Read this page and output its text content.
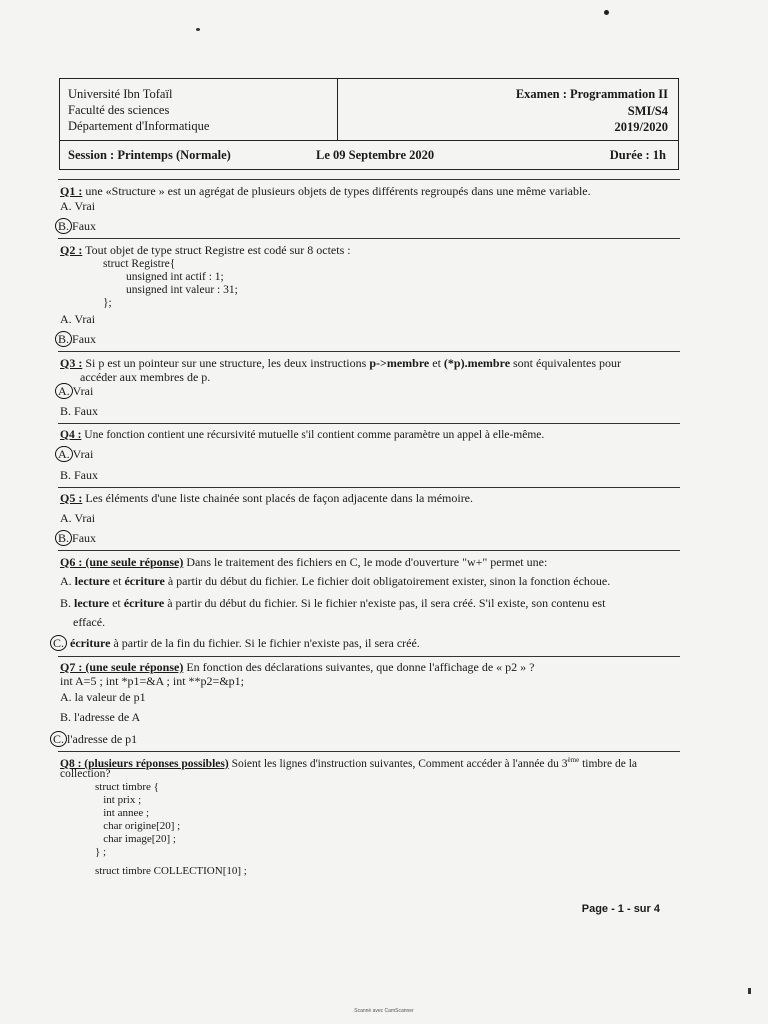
Université Ibn Tofaïl
Faculté des sciences
Département d'Informatique
Examen : Programmation II
SMI/S4
2019/2020
Session : Printemps (Normale)	Le 09 Septembre 2020	Durée : 1h
Q1 : une «Structure » est un agrégat de plusieurs objets de types différents regroupés dans une même variable.
A. Vrai
B. Faux
Q2 : Tout objet de type struct Registre est codé sur 8 octets :
struct Registre{
unsigned int actif : 1;
unsigned int valeur : 31;
};
A. Vrai
B. Faux
Q3 : Si p est un pointeur sur une structure, les deux instructions p->membre et (*p).membre sont équivalentes pour
accéder aux membres de p.
A. Vrai
B. Faux
Q4 : Une fonction contient une récursivité mutuelle s'il contient comme paramètre un appel à elle-même.
A. Vrai
B. Faux
Q5 : Les éléments d'une liste chainée sont placés de façon adjacente dans la mémoire.
A. Vrai
B. Faux
Q6 : (une seule réponse) Dans le traitement des fichiers en C, le mode d'ouverture "w+" permet une:
A. lecture et écriture à partir du début du fichier. Le fichier doit obligatoirement exister, sinon la fonction échoue.
B. lecture et écriture à partir du début du fichier. Si le fichier n'existe pas, il sera créé. S'il existe, son contenu est
effacé.
C. écriture à partir de la fin du fichier. Si le fichier n'existe pas, il sera créé.
Q7 : (une seule réponse) En fonction des déclarations suivantes, que donne l'affichage de « p2 » ?
int A=5 ; int *p1=&A ; int **p2=&p1;
A. la valeur de p1
B. l'adresse de A
C. l'adresse de p1
Q8 : (plusieurs réponses possibles) Soient les lignes d'instruction suivantes, Comment accéder à l'année du 3ème timbre de la
collection?
struct timbre {
int prix ;
int annee ;
char origine[20] ;
char image[20] ;
} ;
struct timbre COLLECTION[10] ;
Page - 1 - sur 4
Scanné avec CamScanner
